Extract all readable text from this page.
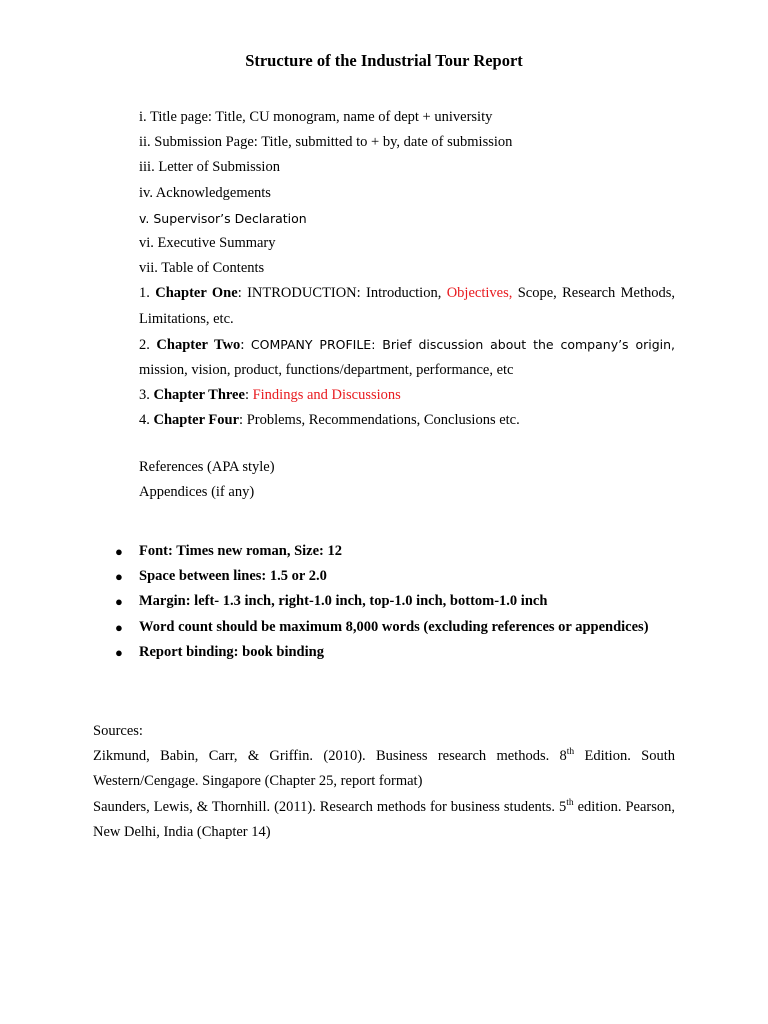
Structure of the Industrial Tour Report
i. Title page: Title, CU monogram, name of dept + university
ii. Submission Page: Title, submitted to + by, date of submission
iii. Letter of Submission
iv. Acknowledgements
v. Supervisor’s Declaration
vi. Executive Summary
vii. Table of Contents
1. Chapter One: INTRODUCTION: Introduction, Objectives, Scope, Research Methods, Limitations, etc.
2. Chapter Two: COMPANY PROFILE: Brief discussion about the company’s origin, mission, vision, product, functions/department, performance, etc
3. Chapter Three: Findings and Discussions
4. Chapter Four: Problems, Recommendations, Conclusions etc.
References (APA style)
Appendices (if any)
● Font: Times new roman, Size: 12
● Space between lines: 1.5 or 2.0
● Margin: left- 1.3 inch, right-1.0 inch, top-1.0 inch, bottom-1.0 inch
● Word count should be maximum 8,000 words (excluding references or appendices)
● Report binding: book binding
Sources:
Zikmund, Babin, Carr, & Griffin. (2010). Business research methods. 8th Edition. South Western/Cengage. Singapore (Chapter 25, report format)
Saunders, Lewis, & Thornhill. (2011). Research methods for business students. 5th edition. Pearson, New Delhi, India (Chapter 14)
